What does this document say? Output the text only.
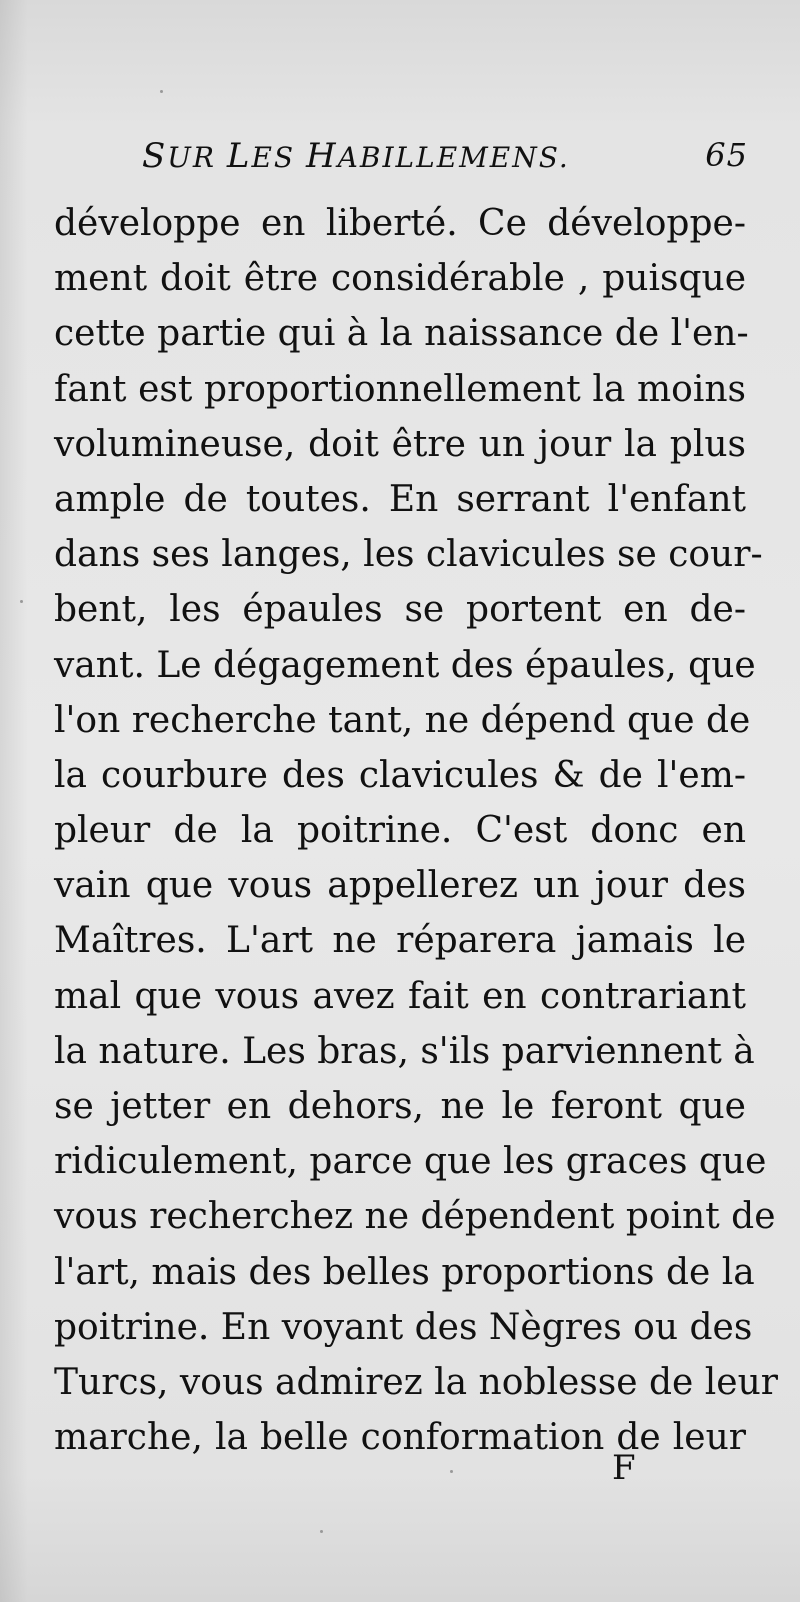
SUR LES HABILLEMENS.	65
développe en liberté. Ce développe-
ment doit être considérable , puisque
cette partie qui à la naissance de l'en-
fant est proportionnellement la moins
volumineuse, doit être un jour la plus
ample de toutes. En serrant l'enfant
dans ses langes, les clavicules se cour-
bent, les épaules se portent en de-
vant. Le dégagement des épaules, que
l'on recherche tant, ne dépend que de
la courbure des clavicules & de l'em-
pleur de la poitrine. C'est donc en
vain que vous appellerez un jour des
Maîtres. L'art ne réparera jamais le
mal que vous avez fait en contrariant
la nature. Les bras, s'ils parviennent à
se jetter en dehors, ne le feront que
ridiculement, parce que les graces que
vous recherchez ne dépendent point de
l'art, mais des belles proportions de la
poitrine. En voyant des Nègres ou des
Turcs, vous admirez la noblesse de leur
marche, la belle conformation de leur
F
